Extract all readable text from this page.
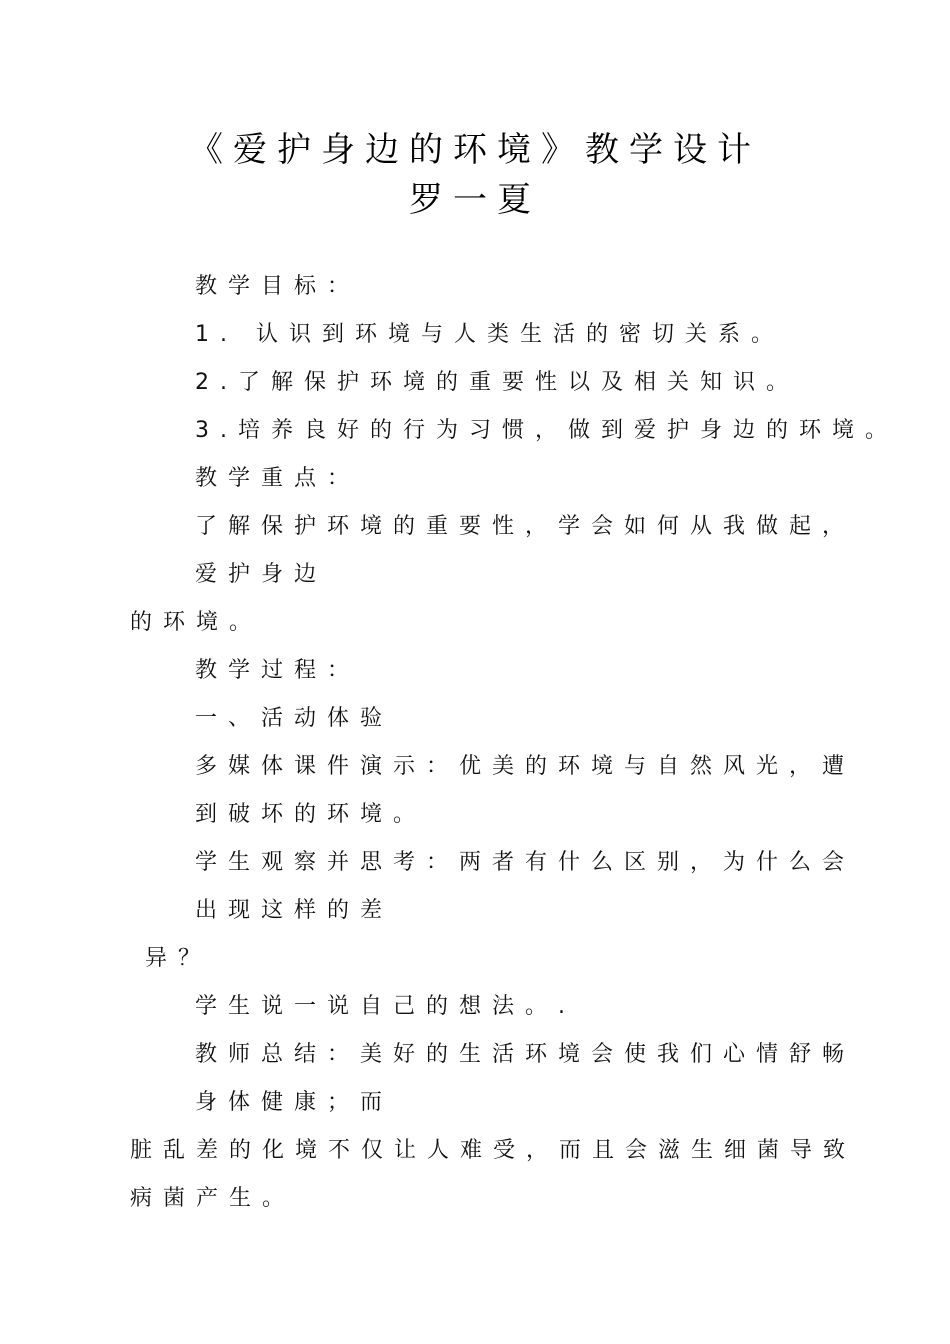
《爱护身边的环境》教学设计
罗一夏
教学目标：
1. 认识到环境与人类生活的密切关系。
2.了解保护环境的重要性以及相关知识。
3.培养良好的行为习惯，做到爱护身边的环境。
教学重点：
了解保护环境的重要性，学会如何从我做起，
爱护身边
的环境。
教学过程：
一、活动体验
多媒体课件演示：优美的环境与自然风光，遭
到破坏的环境。
学生观察并思考：两者有什么区别，为什么会
出现这样的差
异？
学生说一说自己的想法。.
教师总结：美好的生活环境会使我们心情舒畅
身体健康；而
脏乱差的化境不仅让人难受，而且会滋生细菌导致
病菌产生。
